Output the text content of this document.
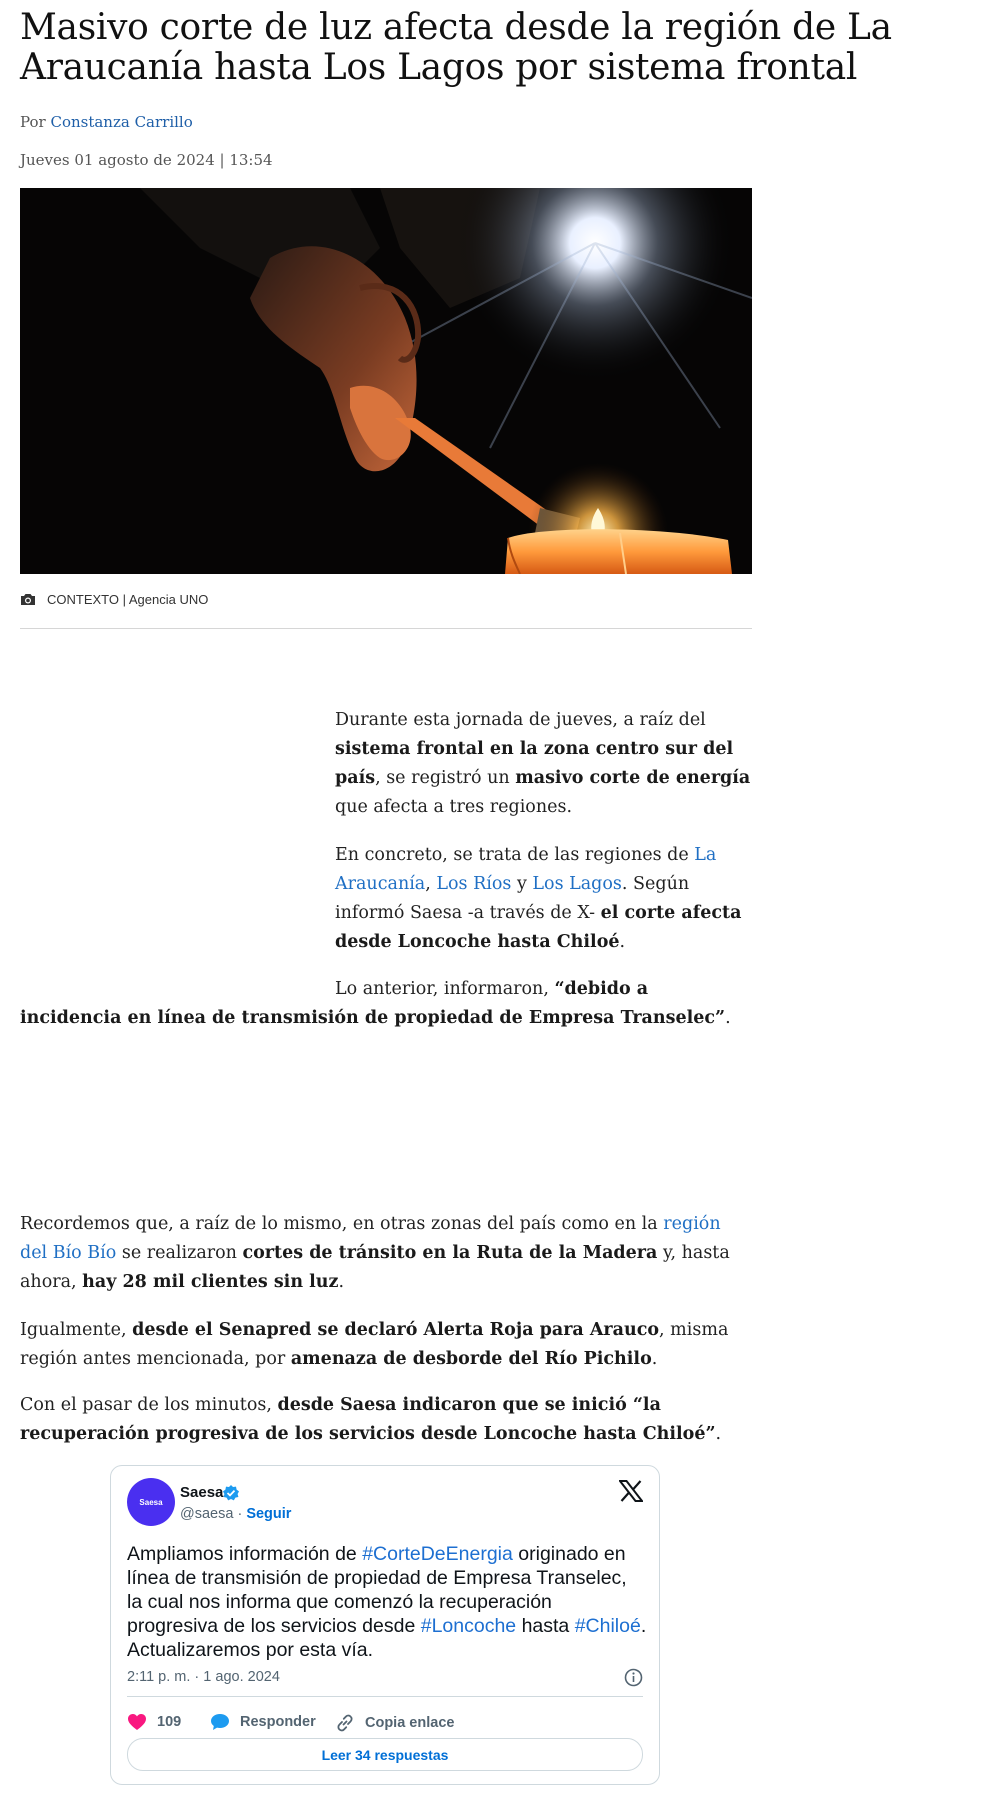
Masivo corte de luz afecta desde la región de La Araucanía hasta Los Lagos por sistema frontal
Por Constanza Carrillo
Jueves 01 agosto de 2024 | 13:54
CONTEXTO | Agencia UNO

Durante esta jornada de jueves, a raíz del sistema frontal en la zona centro sur del país, se registró un masivo corte de energía que afecta a tres regiones.

En concreto, se trata de las regiones de La Araucanía, Los Ríos y Los Lagos. Según informó Saesa -a través de X- el corte afecta desde Loncoche hasta Chiloé.

Lo anterior, informaron, “debido a incidencia en línea de transmisión de propiedad de Empresa Transelec”.

Recordemos que, a raíz de lo mismo, en otras zonas del país como en la región del Bío Bío se realizaron cortes de tránsito en la Ruta de la Madera y, hasta ahora, hay 28 mil clientes sin luz.

Igualmente, desde el Senapred se declaró Alerta Roja para Arauco, misma región antes mencionada, por amenaza de desborde del Río Pichilo.

Con el pasar de los minutos, desde Saesa indicaron que se inició “la recuperación progresiva de los servicios desde Loncoche hasta Chiloé”.

Saesa
Saesa
@saesa · Seguir

Ampliamos información de #CorteDeEnergia originado en línea de transmisión de propiedad de Empresa Transelec, la cual nos informa que comenzó la recuperación progresiva de los servicios desde #Loncoche hasta #Chiloé. Actualizaremos por esta vía.

2:11 p. m. · 1 ago. 2024
109	Responder	Copia enlace
Leer 34 respuestas
